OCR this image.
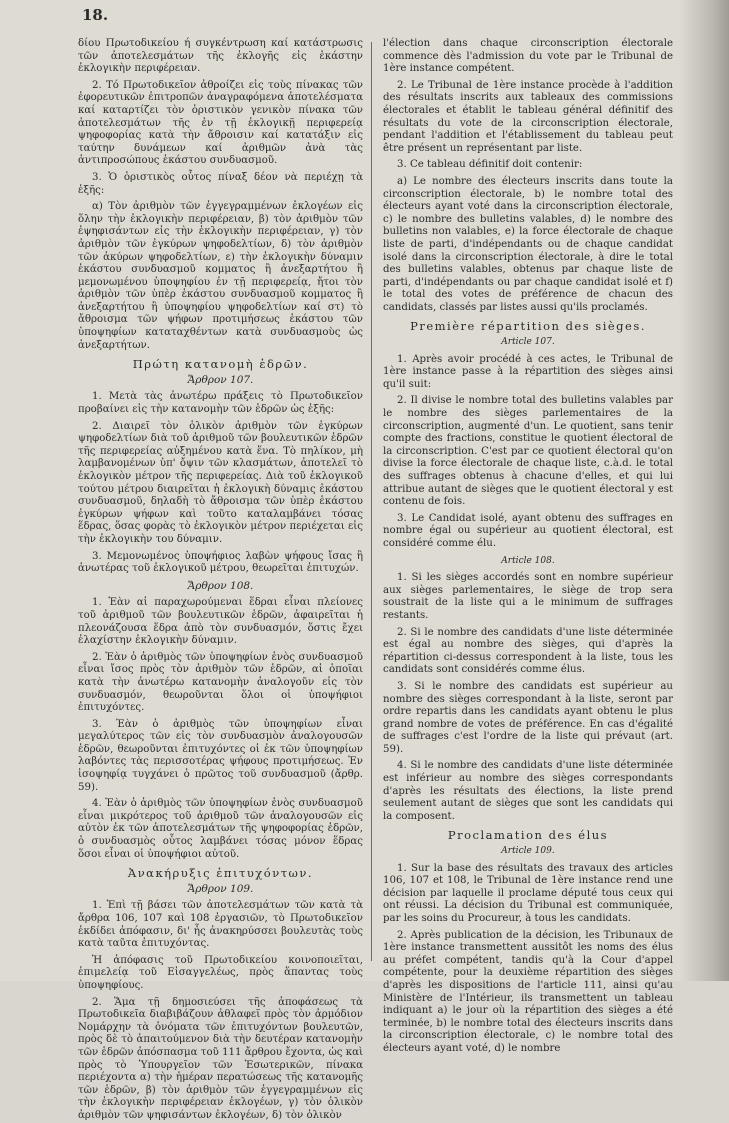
18.

δίου Πρωτοδικείου ή συγκέντρωση καί κατάστρωσις τῶν ἀποτελεσμάτων τῆς ἐκλογῆς εἰς ἑκάστην ἐκλογικὴν περιφέρειαν.

2. Τό Πρωτοδικεῖον ἀθροίζει εἰς τοὺς πίνακας τῶν ἐφορευτικῶν ἐπιτροπῶν ἀναγραφόμενα ἀποτελέσματα καί καταρτίζει τὸν ὁριστικὸν γενικὸν πίνακα τῶν ἀποτελεσμάτων τῆς ἐν τῇ ἐκλογικῇ περιφερείᾳ ψηφοφορίας κατὰ τὴν ἄθροισιν καί κατατάξιν εἰς ταύτην δυνάμεων καί ἀριθμῶν ἀνὰ τὰς ἀντιπροσώπους ἑκάστου συνδυασμοῦ.

3. Ὁ ὁριστικὸς οὗτος πίναξ δέον νὰ περιέχῃ τὰ ἑξῆς:

α) Τὸν ἀριθμὸν τῶν ἐγγεγραμμένων ἐκλογέων εἰς ὅλην τὴν ἐκλογικὴν περιφέρειαν, β) τὸν ἀριθμὸν τῶν ἐψηφισάντων εἰς τὴν ἐκλογικὴν περιφέρειαν, γ) τὸν ἀριθμὸν τῶν ἐγκύρων ψηφοδελτίων, δ) τὸν ἀριθμὸν τῶν ἀκύρων ψηφοδελτίων, ε) τὴν ἐκλογικὴν δύναμιν ἑκάστου συνδυασμοῦ κομματος ἢ ἀνεξαρτήτου ἢ μεμονωμένου ὑποψηφίου ἐν τῇ περιφερείᾳ, ἤτοι τὸν ἀριθμὸν τῶν ὑπὲρ ἑκάστου συνδυασμοῦ κομματος ἢ ἀνεξαρτήτου ἢ ὑποψηφίου ψηφοδελτίων καί στ) τὸ ἄθροισμα τῶν ψήφων προτιμήσεως ἑκάστου τῶν ὑποψηφίων καταταχθέντων κατὰ συνδυασμοὺς ὡς ἀνεξαρτήτων.

Πρώτη κατανομὴ ἑδρῶν.
Ἄρθρον 107.

1. Μετὰ τὰς ἀνωτέρω πράξεις τὸ Πρωτοδικεῖον προβαίνει εἰς τὴν κατανομὴν τῶν ἑδρῶν ὡς ἑξῆς:

2. Διαιρεῖ τὸν ὁλικὸν ἀριθμὸν τῶν ἐγκύρων ψηφοδελτίων διὰ τοῦ ἀριθμοῦ τῶν βουλευτικῶν ἑδρῶν τῆς περιφερείας αὐξημένου κατὰ ἕνα. Τὸ πηλίκον, μὴ λαμβανομένων ὑπ' ὄψιν τῶν κλασμάτων, ἀποτελεῖ τὸ ἐκλογικὸν μέτρον τῆς περιφερείας. Διὰ τοῦ ἐκλογικοῦ τούτου μέτρου διαιρεῖται ἡ ἐκλογικὴ δύναμις ἑκάστου συνδυασμοῦ, δηλαδὴ τὸ ἄθροισμα τῶν ὑπὲρ ἑκάστου ἐγκύρων ψήφων καὶ τοῦτο καταλαμβάνει τόσας ἕδρας, ὅσας φορὰς τὸ ἐκλογικὸν μέτρον περιέχεται εἰς τὴν ἐκλογικὴν του δύναμιν.

3. Μεμονωμένος ὑποψήφιος λαβὼν ψήφους ἴσας ἢ ἀνωτέρας τοῦ ἐκλογικοῦ μέτρου, θεωρεῖται ἐπιτυχών.

Ἄρθρον 108.

1. Ἐὰν αἱ παραχωρούμεναι ἕδραι εἶναι πλείονες τοῦ ἀριθμοῦ τῶν βουλευτικῶν ἑδρῶν, ἀφαιρεῖται ἡ πλεονάζουσα ἕδρα ἀπὸ τὸν συνδυασμόν, ὅστις ἔχει ἐλαχίστην ἐκλογικὴν δύναμιν.

2. Ἐὰν ὁ ἀριθμὸς τῶν ὑποψηφίων ἑνὸς συνδυασμοῦ εἶναι ἴσος πρὸς τὸν ἀριθμὸν τῶν ἑδρῶν, αἱ ὁποῖαι κατὰ τὴν ἀνωτέρω κατανομὴν ἀναλογοῦν εἰς τὸν συνδυασμόν, θεωροῦνται ὅλοι οἱ ὑποψήφιοι ἐπιτυχόντες.

3. Ἐὰν ὁ ἀριθμὸς τῶν ὑποψηφίων εἶναι μεγαλύτερος τῶν εἰς τὸν συνδυασμὸν ἀναλογουσῶν ἑδρῶν, θεωροῦνται ἐπιτυχόντες οἱ ἐκ τῶν ὑποψηφίων λαβόντες τὰς περισσοτέρας ψήφους προτιμήσεως. Ἐν ἰσοψηφίᾳ τυγχάνει ὁ πρῶτος τοῦ συνδυασμοῦ (ἄρθρ. 59).

4. Ἐὰν ὁ ἀριθμὸς τῶν ὑποψηφίων ἑνὸς συνδυασμοῦ εἶναι μικρότερος τοῦ ἀριθμοῦ τῶν ἀναλογουσῶν εἰς αὐτὸν ἐκ τῶν ἀποτελεσμάτων τῆς ψηφοφορίας ἑδρῶν, ὁ συνδυασμὸς οὗτος λαμβάνει τόσας μόνον ἕδρας ὅσοι εἶναι οἱ ὑποψήφιοι αὐτοῦ.

Ἀνακήρυξις ἐπιτυχόντων.
Ἄρθρον 109.

1. Ἐπὶ τῇ βάσει τῶν ἀποτελεσμάτων τῶν κατὰ τὰ ἄρθρα 106, 107 καὶ 108 ἐργασιῶν, τὸ Πρωτοδικεῖον ἐκδίδει ἀπόφασιν, δι' ἧς ἀνακηρύσσει βουλευτὰς τοὺς κατὰ ταῦτα ἐπιτυχόντας.

Ἡ ἀπόφασις τοῦ Πρωτοδικείου κοινοποιεῖται, ἐπιμελείᾳ τοῦ Εἰσαγγελέως, πρὸς ἅπαντας τοὺς ὑποψηφίους.

2. Ἅμα τῇ δημοσιεύσει τῆς ἀποφάσεως τὰ Πρωτοδικεῖα διαβιβάζουν ἀθλαφεῖ πρὸς τὸν ἀρμόδιον Νομάρχην τὰ ὀνόματα τῶν ἐπιτυχόντων βουλευτῶν, πρὸς δὲ τὸ ἀπαιτούμενον διὰ τὴν δευτέραν κατανομὴν τῶν ἑδρῶν ἀπόσπασμα τοῦ 111 ἄρθρου ἔχοντα, ὡς καὶ πρὸς τὸ Ὑπουργεῖον τῶν Ἐσωτερικῶν, πίνακα περιέχοντα α) τὴν ἡμέραν περατώσεως τῆς κατανομῆς τῶν ἑδρῶν, β) τὸν ἀριθμὸν τῶν ἐγγεγραμμένων εἰς τὴν ἐκλογικὴν περιφέρειαν ἐκλογέων, γ) τὸν ὁλικὸν ἀριθμὸν τῶν ψηφισάντων ἐκλογέων, δ) τὸν ὁλικὸν

l'élection dans chaque circonscription électorale commence dès l'admission du vote par le Tribunal de 1ère instance compétent.

2. Le Tribunal de 1ère instance procède à l'addition des résultats inscrits aux tableaux des commissions électorales et établit le tableau général définitif des résultats du vote de la circonscription électorale, pendant l'addition et l'établissement du tableau peut être présent un représentant par liste.

3. Ce tableau définitif doit contenir:

a) Le nombre des électeurs inscrits dans toute la circonscription électorale, b) le nombre total des électeurs ayant voté dans la circonscription électorale, c) le nombre des bulletins valables, d) le nombre des bulletins non valables, e) la force électorale de chaque liste de parti, d'indépendants ou de chaque candidat isolé dans la circonscription électorale, à dire le total des bulletins valables, obtenus par chaque liste de parti, d'indépendants ou par chaque candidat isolé et f) le total des votes de préférence de chacun des candidats, classés par listes aussi qu'ils proclamés.

Première répartition des sièges.
Article 107.

1. Après avoir procédé à ces actes, le Tribunal de 1ère instance passe à la répartition des sièges ainsi qu'il suit:

2. Il divise le nombre total des bulletins valables par le nombre des sièges parlementaires de la circonscription, augmenté d'un. Le quotient, sans tenir compte des fractions, constitue le quotient électoral de la circonscription. C'est par ce quotient électoral qu'on divise la force électorale de chaque liste, c.à.d. le total des suffrages obtenus à chacune d'elles, et qui lui attribue autant de sièges que le quotient électoral y est contenu de fois.

3. Le Candidat isolé, ayant obtenu des suffrages en nombre égal ou supérieur au quotient électoral, est considéré comme élu.

Article 108.

1. Si les sièges accordés sont en nombre supérieur aux sièges parlementaires, le siège de trop sera soustrait de la liste qui a le minimum de suffrages restants.

2. Si le nombre des candidats d'une liste déterminée est égal au nombre des sièges, qui d'après la répartition ci-dessus correspondent à la liste, tous les candidats sont considérés comme élus.

3. Si le nombre des candidats est supérieur au nombre des sièges correspondant à la liste, seront par ordre repartis dans les candidats ayant obtenu le plus grand nombre de votes de préférence. En cas d'égalité de suffrages c'est l'ordre de la liste qui prévaut (art. 59).

4. Si le nombre des candidats d'une liste déterminée est inférieur au nombre des sièges correspondants d'après les résultats des élections, la liste prend seulement autant de sièges que sont les candidats qui la composent.

Proclamation des élus
Article 109.

1. Sur la base des résultats des travaux des articles 106, 107 et 108, le Tribunal de 1ère instance rend une décision par laquelle il proclame député tous ceux qui ont réussi. La décision du Tribunal est communiquée, par les soins du Procureur, à tous les candidats.

2. Après publication de la décision, les Tribunaux de 1ère instance transmettent aussitôt les noms des élus au préfet compétent, tandis qu'à la Cour d'appel compétente, pour la deuxième répartition des sièges d'après les dispositions de l'article 111, ainsi qu'au Ministère de l'Intérieur, ils transmettent un tableau indiquant a) le jour où la répartition des sièges a été terminée, b) le nombre total des électeurs inscrits dans la circonscription électorale, c) le nombre total des électeurs ayant voté, d) le nombre
